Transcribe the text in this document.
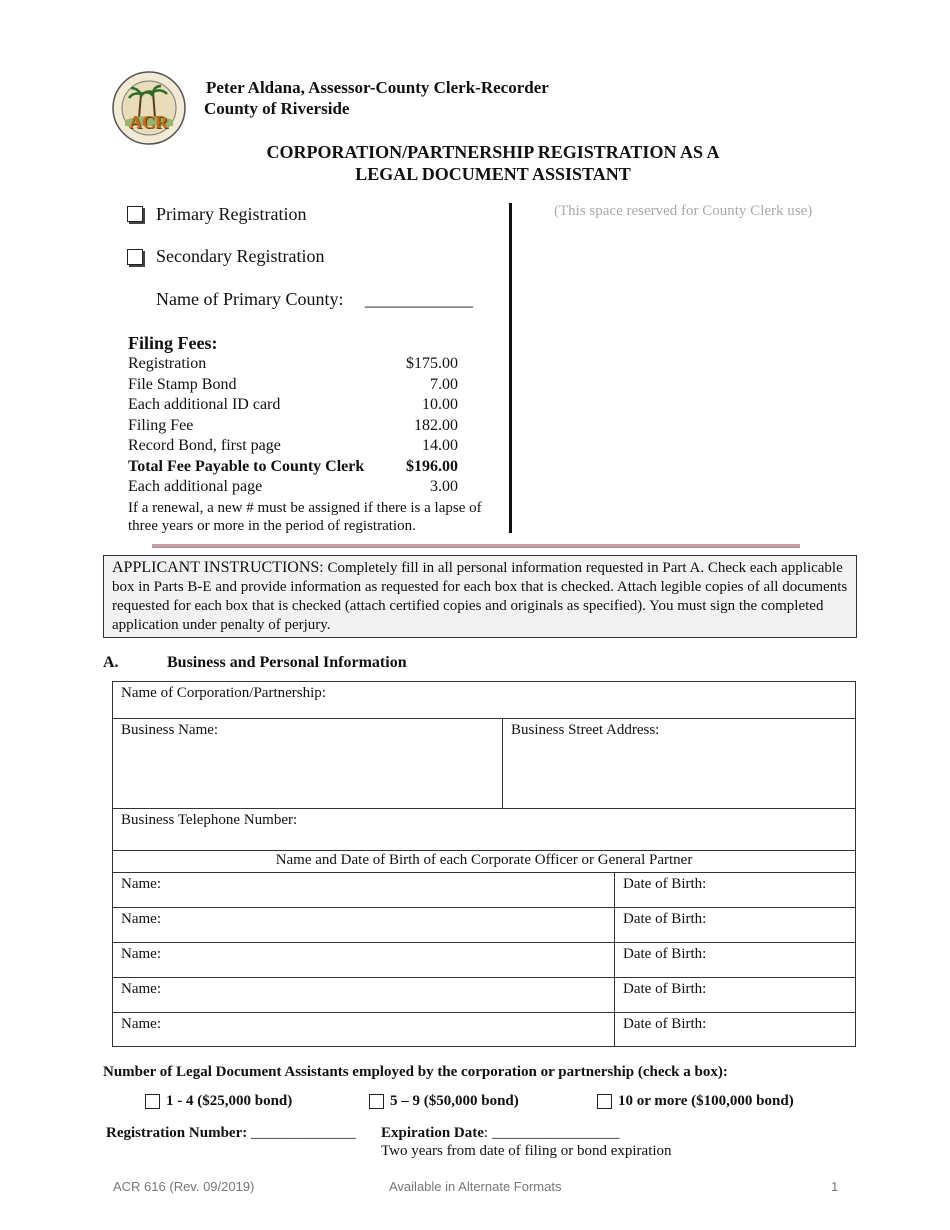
ACR
Peter Aldana, Assessor-County Clerk-Recorder
County of Riverside
CORPORATION/PARTNERSHIP REGISTRATION AS A
LEGAL DOCUMENT ASSISTANT
Primary Registration
Secondary Registration
Name of Primary County: ____________
(This space reserved for County Clerk use)
Filing Fees:
Registration	$175.00
File Stamp Bond	7.00
Each additional ID card	10.00
Filing Fee	182.00
Record Bond, first page	14.00
Total Fee Payable to County Clerk	$196.00
Each additional page	3.00
If a renewal, a new # must be assigned if there is a lapse of three years or more in the period of registration.
APPLICANT INSTRUCTIONS: Completely fill in all personal information requested in Part A. Check each applicable box in Parts B-E and provide information as requested for each box that is checked. Attach legible copies of all documents requested for each box that is checked (attach certified copies and originals as specified). You must sign the completed application under penalty of perjury.
A.	Business and Personal Information
Name of Corporation/Partnership:
Business Name:	Business Street Address:
Business Telephone Number:
Name and Date of Birth of each Corporate Officer or General Partner
Name:	Date of Birth:
Name:	Date of Birth:
Name:	Date of Birth:
Name:	Date of Birth:
Name:	Date of Birth:
Number of Legal Document Assistants employed by the corporation or partnership (check a box):
1 - 4 ($25,000 bond)	5 – 9 ($50,000 bond)	10 or more ($100,000 bond)
Registration Number: ______________ Expiration Date: _________________
Two years from date of filing or bond expiration
ACR 616 (Rev. 09/2019)	Available in Alternate Formats	1
